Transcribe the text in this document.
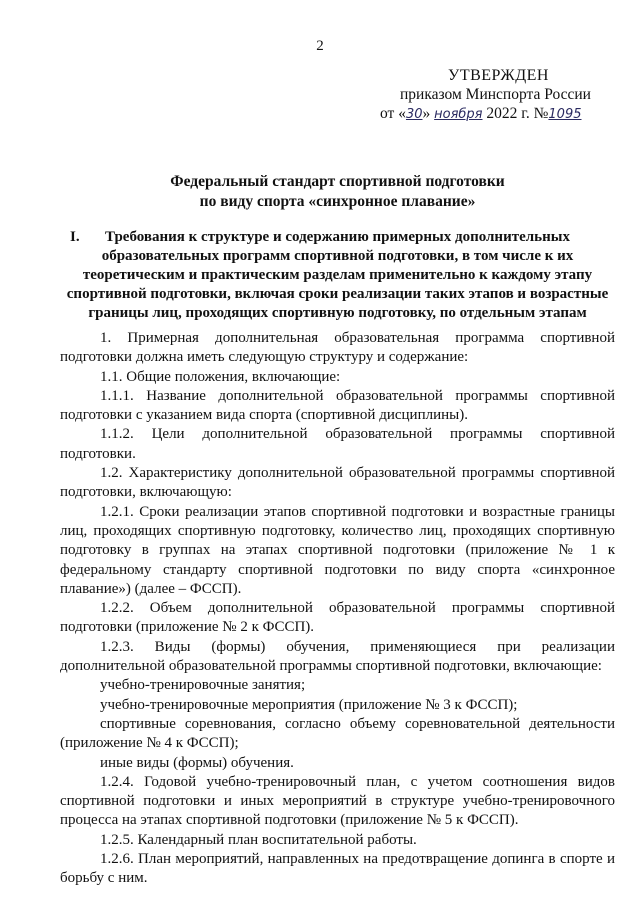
2
УТВЕРЖДЕН
приказом Минспорта России
от «30» ноября 2022 г. №1095
Федеральный стандарт спортивной подготовки
по виду спорта «синхронное плавание»
I.	Требования к структуре и содержанию примерных дополнительных образовательных программ спортивной подготовки, в том числе к их теоретическим и практическим разделам применительно к каждому этапу спортивной подготовки, включая сроки реализации таких этапов и возрастные границы лиц, проходящих спортивную подготовку, по отдельным этапам

1. Примерная дополнительная образовательная программа спортивной подготовки должна иметь следующую структуру и содержание:

1.1. Общие положения, включающие:

1.1.1. Название дополнительной образовательной программы спортивной подготовки с указанием вида спорта (спортивной дисциплины).

1.1.2. Цели дополнительной образовательной программы спортивной подготовки.

1.2. Характеристику дополнительной образовательной программы спортивной подготовки, включающую:

1.2.1. Сроки реализации этапов спортивной подготовки и возрастные границы лиц, проходящих спортивную подготовку, количество лиц, проходящих спортивную подготовку в группах на этапах спортивной подготовки (приложение № 1 к федеральному стандарту спортивной подготовки по виду спорта «синхронное плавание») (далее – ФССП).

1.2.2. Объем дополнительной образовательной программы спортивной подготовки (приложение № 2 к ФССП).

1.2.3. Виды (формы) обучения, применяющиеся при реализации дополнительной образовательной программы спортивной подготовки, включающие:

учебно-тренировочные занятия;

учебно-тренировочные мероприятия (приложение № 3 к ФССП);

спортивные соревнования, согласно объему соревновательной деятельности (приложение № 4 к ФССП);

иные виды (формы) обучения.

1.2.4. Годовой учебно-тренировочный план, с учетом соотношения видов спортивной подготовки и иных мероприятий в структуре учебно-тренировочного процесса на этапах спортивной подготовки (приложение № 5 к ФССП).

1.2.5. Календарный план воспитательной работы.

1.2.6. План мероприятий, направленных на предотвращение допинга в спорте и борьбу с ним.
